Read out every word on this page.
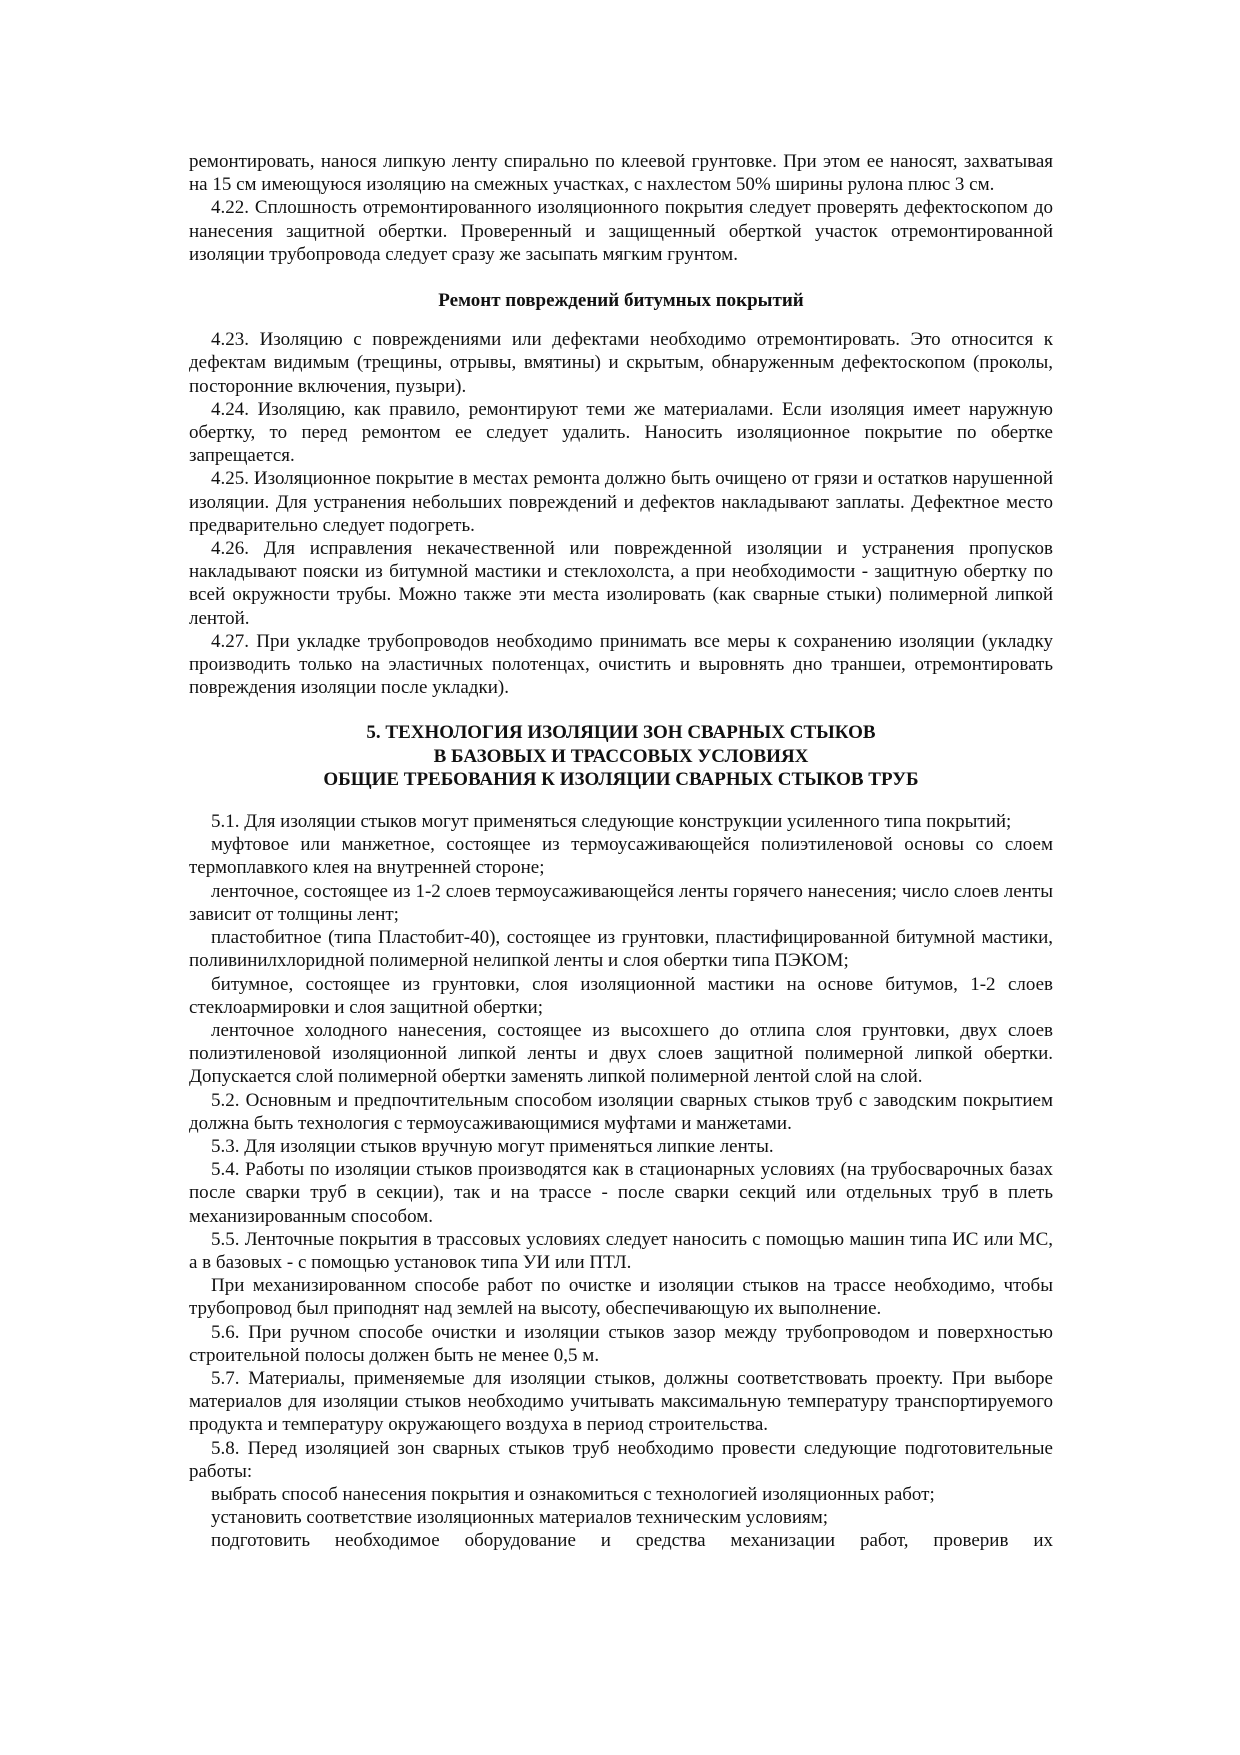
ремонтировать, нанося липкую ленту спирально по клеевой грунтовке. При этом ее наносят, захватывая на 15 см имеющуюся изоляцию на смежных участках, с нахлестом 50% ширины рулона плюс 3 см.

4.22. Сплошность отремонтированного изоляционного покрытия следует проверять дефектоскопом до нанесения защитной обертки. Проверенный и защищенный оберткой участок отремонтированной изоляции трубопровода следует сразу же засыпать мягким грунтом.

Ремонт повреждений битумных покрытий

4.23. Изоляцию с повреждениями или дефектами необходимо отремонтировать. Это относится к дефектам видимым (трещины, отрывы, вмятины) и скрытым, обнаруженным дефектоскопом (проколы, посторонние включения, пузыри).

4.24. Изоляцию, как правило, ремонтируют теми же материалами. Если изоляция имеет наружную обертку, то перед ремонтом ее следует удалить. Наносить изоляционное покрытие по обертке запрещается.

4.25. Изоляционное покрытие в местах ремонта должно быть очищено от грязи и остатков нарушенной изоляции. Для устранения небольших повреждений и дефектов накладывают заплаты. Дефектное место предварительно следует подогреть.

4.26. Для исправления некачественной или поврежденной изоляции и устранения пропусков накладывают пояски из битумной мастики и стеклохолста, а при необходимости - защитную обертку по всей окружности трубы. Можно также эти места изолировать (как сварные стыки) полимерной липкой лентой.

4.27. При укладке трубопроводов необходимо принимать все меры к сохранению изоляции (укладку производить только на эластичных полотенцах, очистить и выровнять дно траншеи, отремонтировать повреждения изоляции после укладки).

5. ТЕХНОЛОГИЯ ИЗОЛЯЦИИ ЗОН СВАРНЫХ СТЫКОВ

В БАЗОВЫХ И ТРАССОВЫХ УСЛОВИЯХ

ОБЩИЕ ТРЕБОВАНИЯ К ИЗОЛЯЦИИ СВАРНЫХ СТЫКОВ ТРУБ

5.1. Для изоляции стыков могут применяться следующие конструкции усиленного типа покрытий;

муфтовое или манжетное, состоящее из термоусаживающейся полиэтиленовой основы со слоем термоплавкого клея на внутренней стороне;

ленточное, состоящее из 1-2 слоев термоусаживающейся ленты горячего нанесения; число слоев ленты зависит от толщины лент;

пластобитное (типа Пластобит-40), состоящее из грунтовки, пластифицированной битумной мастики, поливинилхлоридной полимерной нелипкой ленты и слоя обертки типа ПЭКОМ;

битумное, состоящее из грунтовки, слоя изоляционной мастики на основе битумов, 1-2 слоев стеклоармировки и слоя защитной обертки;

ленточное холодного нанесения, состоящее из высохшего до отлипа слоя грунтовки, двух слоев полиэтиленовой изоляционной липкой ленты и двух слоев защитной полимерной липкой обертки. Допускается слой полимерной обертки заменять липкой полимерной лентой слой на слой.

5.2. Основным и предпочтительным способом изоляции сварных стыков труб с заводским покрытием должна быть технология с термоусаживающимися муфтами и манжетами.

5.3. Для изоляции стыков вручную могут применяться липкие ленты.

5.4. Работы по изоляции стыков производятся как в стационарных условиях (на трубосварочных базах после сварки труб в секции), так и на трассе - после сварки секций или отдельных труб в плеть механизированным способом.

5.5. Ленточные покрытия в трассовых условиях следует наносить с помощью машин типа ИС или МС, а в базовых - с помощью установок типа УИ или ПТЛ.

При механизированном способе работ по очистке и изоляции стыков на трассе необходимо, чтобы трубопровод был приподнят над землей на высоту, обеспечивающую их выполнение.

5.6. При ручном способе очистки и изоляции стыков зазор между трубопроводом и поверхностью строительной полосы должен быть не менее 0,5 м.

5.7. Материалы, применяемые для изоляции стыков, должны соответствовать проекту. При выборе материалов для изоляции стыков необходимо учитывать максимальную температуру транспортируемого продукта и температуру окружающего воздуха в период строительства.

5.8. Перед изоляцией зон сварных стыков труб необходимо провести следующие подготовительные работы:

выбрать способ нанесения покрытия и ознакомиться с технологией изоляционных работ;

установить соответствие изоляционных материалов техническим условиям;

подготовить необходимое оборудование и средства механизации работ, проверив их
